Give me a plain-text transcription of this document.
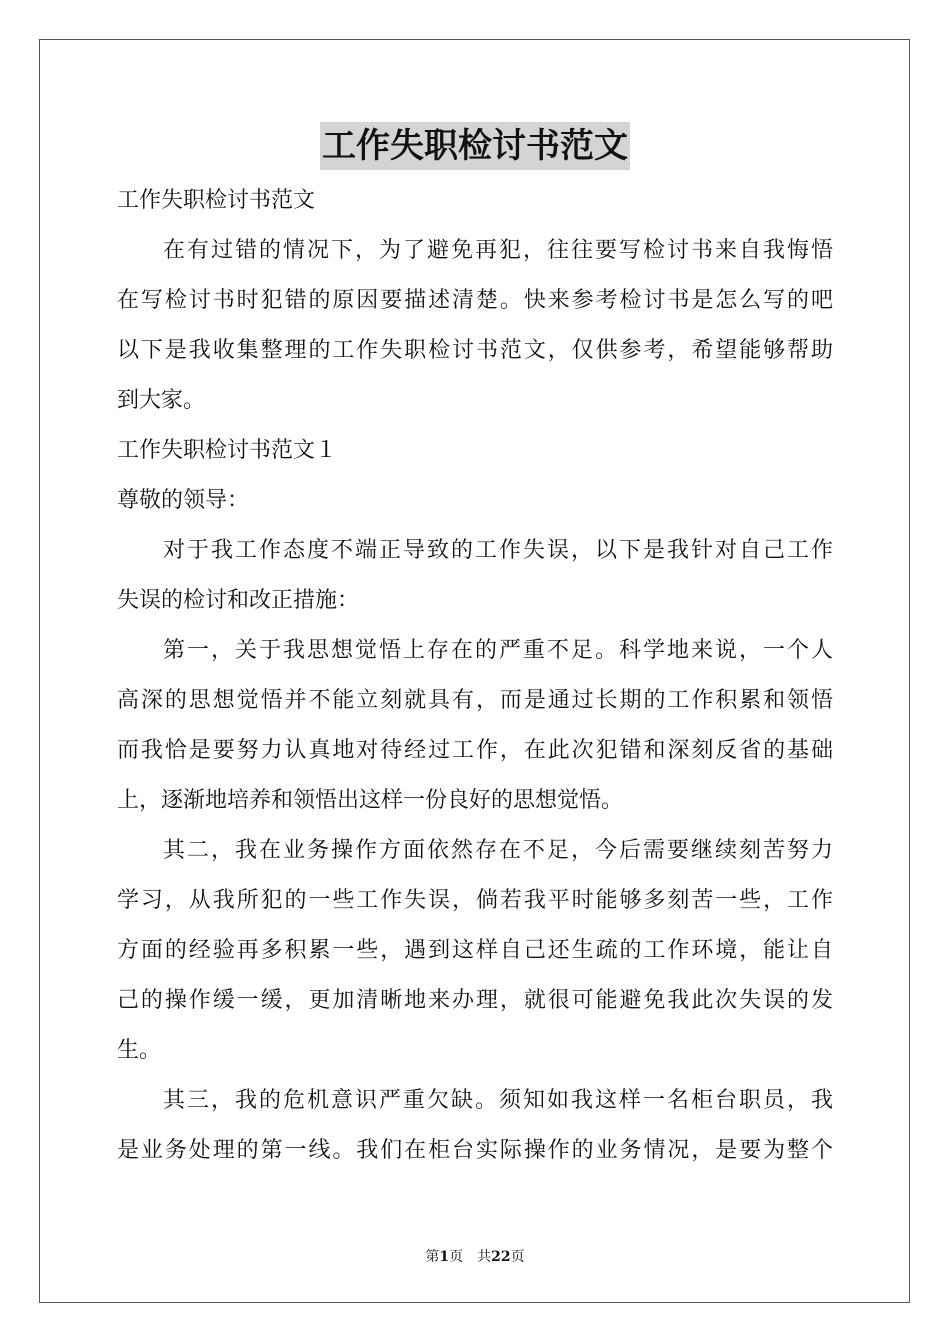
工作失职检讨书范文
工作失职检讨书范文
在有过错的情况下，为了避免再犯，往往要写检讨书来自我悔悟
在写检讨书时犯错的原因要描述清楚。快来参考检讨书是怎么写的吧
以下是我收集整理的工作失职检讨书范文，仅供参考，希望能够帮助
到大家。
工作失职检讨书范文１
尊敬的领导：
对于我工作态度不端正导致的工作失误，以下是我针对自己工作
失误的检讨和改正措施：
第一，关于我思想觉悟上存在的严重不足。科学地来说，一个人
高深的思想觉悟并不能立刻就具有，而是通过长期的工作积累和领悟
而我恰是要努力认真地对待经过工作，在此次犯错和深刻反省的基础
上，逐渐地培养和领悟出这样一份良好的思想觉悟。
其二，我在业务操作方面依然存在不足，今后需要继续刻苦努力
学习，从我所犯的一些工作失误，倘若我平时能够多刻苦一些，工作
方面的经验再多积累一些，遇到这样自己还生疏的工作环境，能让自
己的操作缓一缓，更加清晰地来办理，就很可能避免我此次失误的发
生。
其三，我的危机意识严重欠缺。须知如我这样一名柜台职员，我
是业务处理的第一线。我们在柜台实际操作的业务情况，是要为整个
第1页　共22页
